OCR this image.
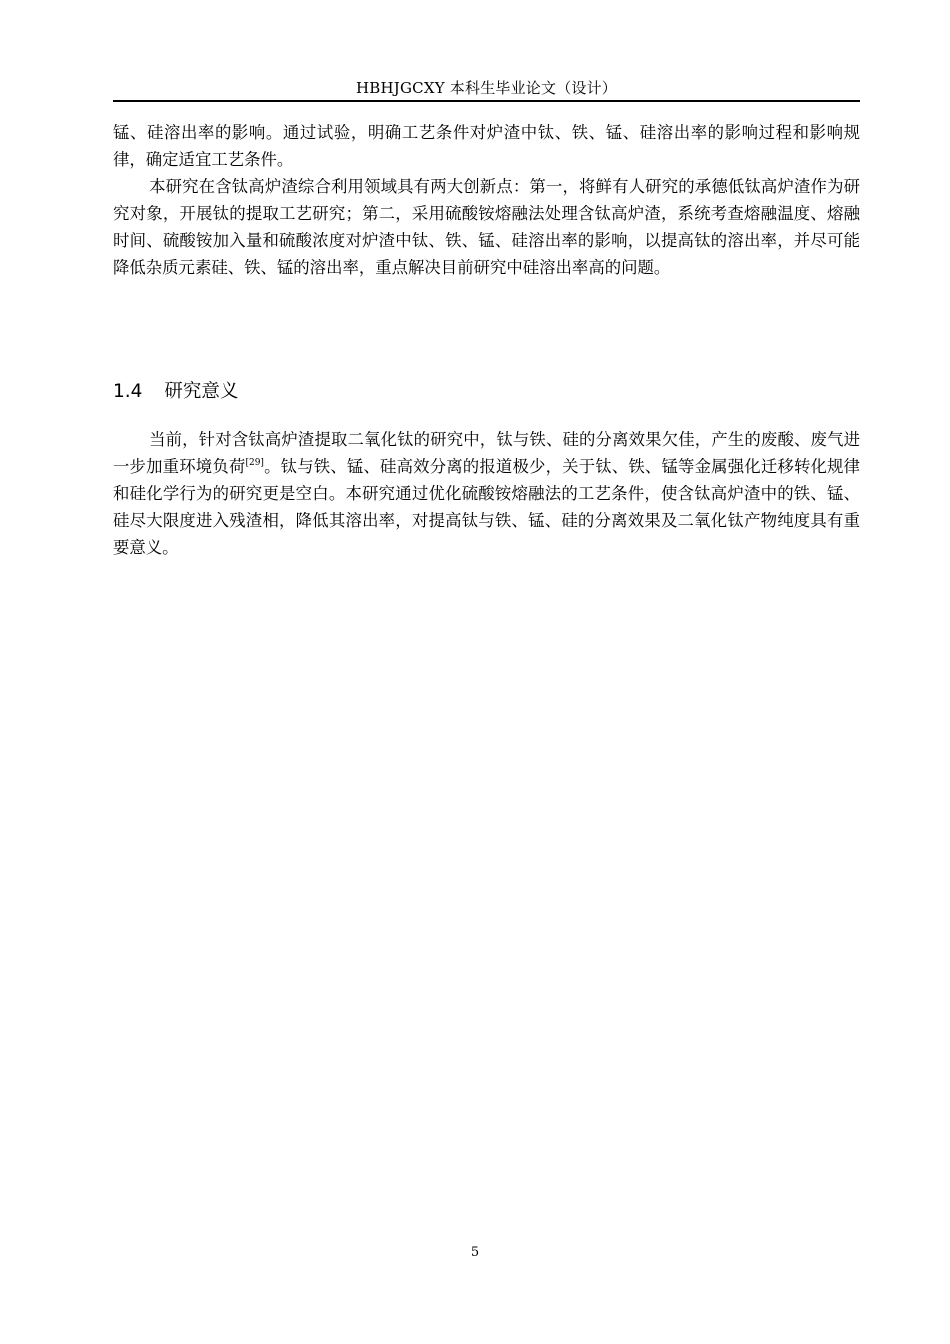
HBHJGCXY 本科生毕业论文（设计）

锰、硅溶出率的影响。通过试验，明确工艺条件对炉渣中钛、铁、锰、硅溶出率的影响过程和影响规律，确定适宜工艺条件。

本研究在含钛高炉渣综合利用领域具有两大创新点：第一，将鲜有人研究的承德低钛高炉渣作为研究对象，开展钛的提取工艺研究；第二，采用硫酸铵熔融法处理含钛高炉渣，系统考查熔融温度、熔融时间、硫酸铵加入量和硫酸浓度对炉渣中钛、铁、锰、硅溶出率的影响，以提高钛的溶出率，并尽可能降低杂质元素硅、铁、锰的溶出率，重点解决目前研究中硅溶出率高的问题。

1.4 研究意义

当前，针对含钛高炉渣提取二氧化钛的研究中，钛与铁、硅的分离效果欠佳，产生的废酸、废气进一步加重环境负荷[29]。钛与铁、锰、硅高效分离的报道极少，关于钛、铁、锰等金属强化迁移转化规律和硅化学行为的研究更是空白。本研究通过优化硫酸铵熔融法的工艺条件，使含钛高炉渣中的铁、锰、硅尽大限度进入残渣相，降低其溶出率，对提高钛与铁、锰、硅的分离效果及二氧化钛产物纯度具有重要意义。

5
